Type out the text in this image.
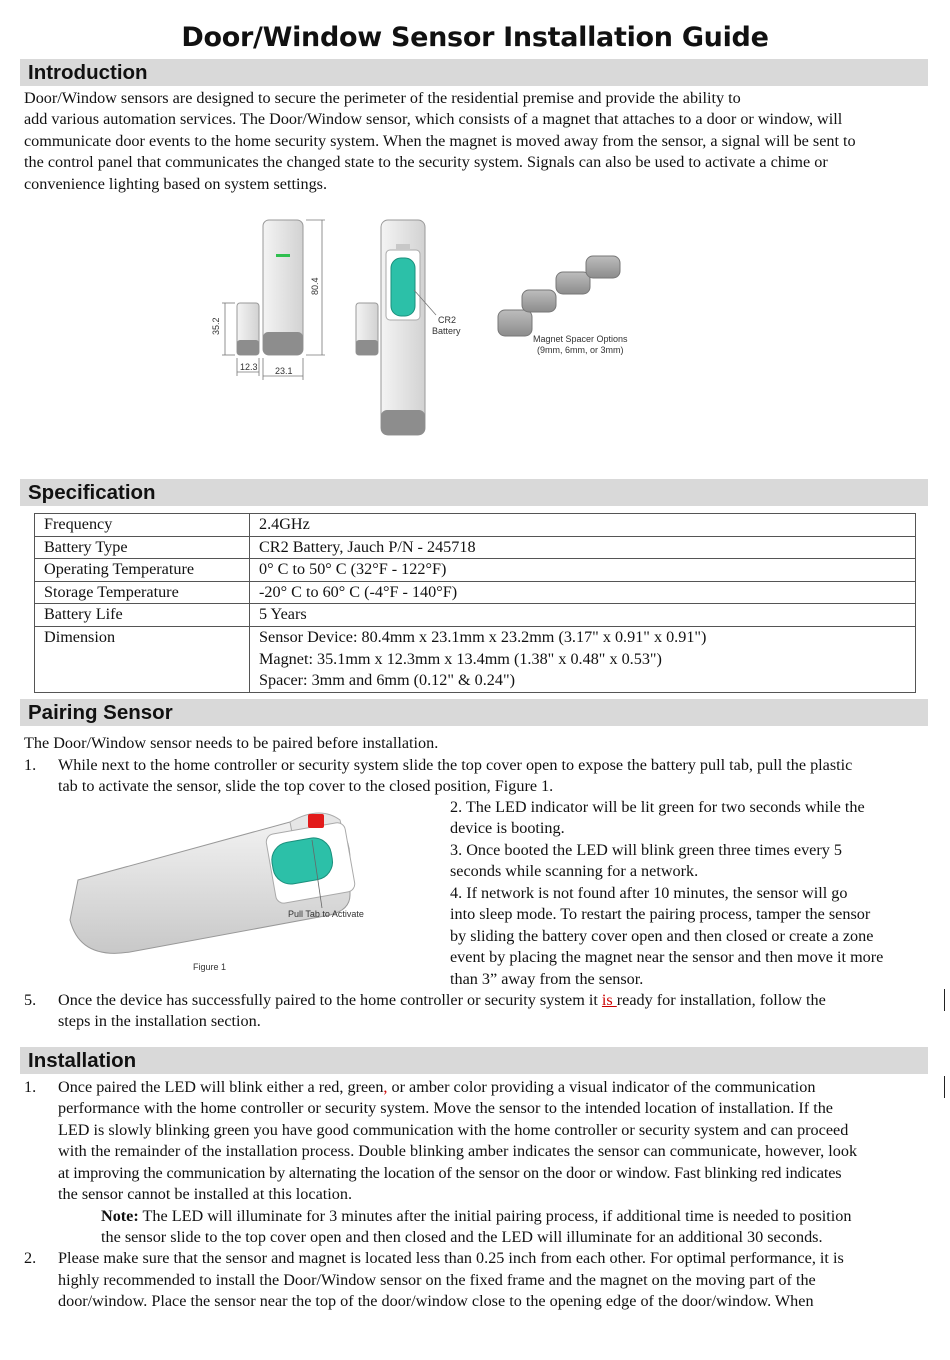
Door/Window Sensor Installation Guide
Introduction
Door/Window sensors are designed to secure the perimeter of the residential premise and provide the ability to
add various automation services. The Door/Window sensor, which consists of a magnet that attaches to a door or window, will
communicate door events to the home security system. When the magnet is moved away from the sensor, a signal will be sent to
the control panel that communicates the changed state to the security system. Signals can also be used to activate a chime or
convenience lighting based on system settings.
80.4
35.2
12.3 23.1
CR2
Battery
Magnet Spacer Options
(9mm, 6mm, or 3mm)
Specification
Frequency	2.4GHz
Battery Type	CR2 Battery, Jauch P/N - 245718
Operating Temperature	0° C to 50° C (32°F - 122°F)
Storage Temperature	-20° C to 60° C (-4°F - 140°F)
Battery Life	5 Years
Dimension	Sensor Device: 80.4mm x 23.1mm x 23.2mm (3.17" x 0.91" x 0.91")
Magnet: 35.1mm x 12.3mm x 13.4mm (1.38" x 0.48" x 0.53")
Spacer: 3mm and 6mm (0.12" & 0.24")
Pairing Sensor
The Door/Window sensor needs to be paired before installation.
1. While next to the home controller or security system slide the top cover open to expose the battery pull tab, pull the plastic
tab to activate the sensor, slide the top cover to the closed position, Figure 1.
Pull Tab to Activate
Figure 1
2. The LED indicator will be lit green for two seconds while the
device is booting.
3. Once booted the LED will blink green three times every 5
seconds while scanning for a network.
4. If network is not found after 10 minutes, the sensor will go
into sleep mode. To restart the pairing process, tamper the sensor
by sliding the battery cover open and then closed or create a zone
event by placing the magnet near the sensor and then move it more
than 3” away from the sensor.
5. Once the device has successfully paired to the home controller or security system it is ready for installation, follow the
steps in the installation section.
Installation
1. Once paired the LED will blink either a red, green, or amber color providing a visual indicator of the communication
performance with the home controller or security system. Move the sensor to the intended location of installation. If the
LED is slowly blinking green you have good communication with the home controller or security system and can proceed
with the remainder of the installation process. Double blinking amber indicates the sensor can communicate, however, look
at improving the communication by alternating the location of the sensor on the door or window. Fast blinking red indicates
the sensor cannot be installed at this location.
Note: The LED will illuminate for 3 minutes after the initial pairing process, if additional time is needed to position
the sensor slide to the top cover open and then closed and the LED will illuminate for an additional 30 seconds.
2. Please make sure that the sensor and magnet is located less than 0.25 inch from each other. For optimal performance, it is
highly recommended to install the Door/Window sensor on the fixed frame and the magnet on the moving part of the
door/window. Place the sensor near the top of the door/window close to the opening edge of the door/window. When
